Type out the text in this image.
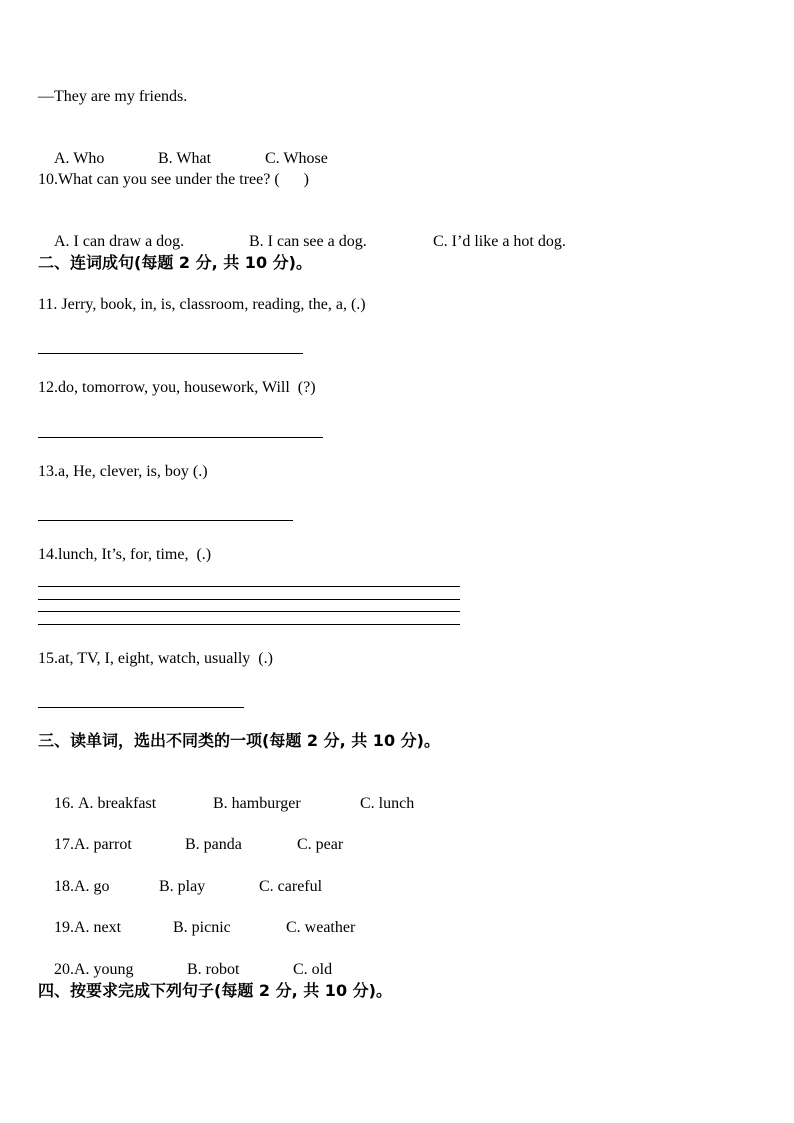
—They are my friends.

A. Who	B. What	C. Whose

10.What can you see under the tree? (      )

A. I can draw a dog.	B. I can see a dog.	C. I’d like a hot dog.

二、连词成句(每题 2 分, 共 10 分)。
11. Jerry, book, in, is, classroom, reading, the, a, (.)
12.do, tomorrow, you, housework, Will  (?)
13.a, He, clever, is, boy (.)
14.lunch, It’s, for, time,  (.)
15.at, TV, I, eight, watch, usually  (.)
三、读单词，选出不同类的一项(每题 2 分, 共 10 分)。

16. A. breakfast	B. hamburger	C. lunch

17.A. parrot	B. panda	C. pear

18.A. go	B. play	C. careful

19.A. next	B. picnic	C. weather

20.A. young	B. robot	C. old

四、按要求完成下列句子(每题 2 分, 共 10 分)。
